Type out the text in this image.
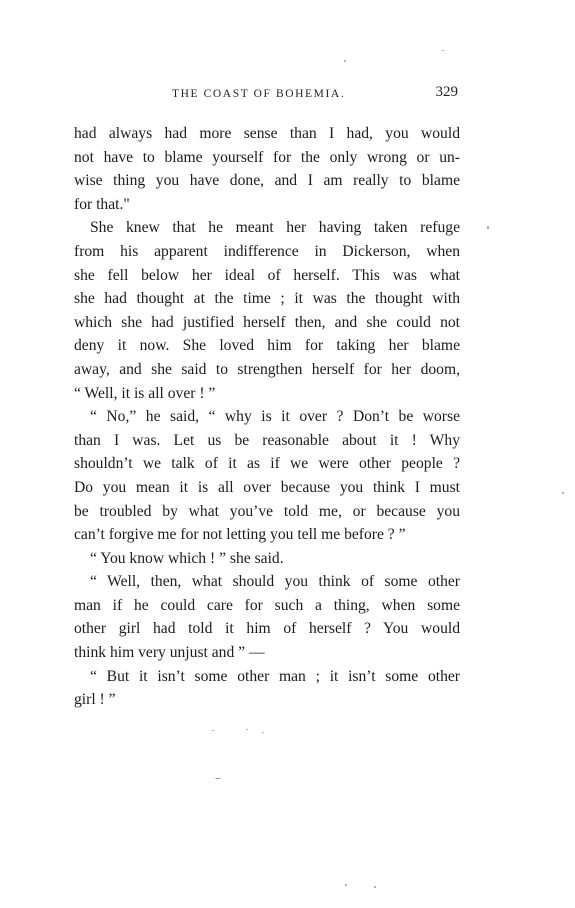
THE COAST OF BOHEMIA.	329
had always had more sense than I had, you would
not have to blame yourself for the only wrong or un-
wise thing you have done, and I am really to blame
for that."
She knew that he meant her having taken refuge
from his apparent indifference in Dickerson, when
she fell below her ideal of herself. This was what
she had thought at the time ; it was the thought with
which she had justified herself then, and she could not
deny it now. She loved him for taking her blame
away, and she said to strengthen herself for her doom,
“ Well, it is all over ! ”
“ No,” he said, “ why is it over ? Don’t be worse
than I was. Let us be reasonable about it ! Why
shouldn’t we talk of it as if we were other people ?
Do you mean it is all over because you think I must
be troubled by what you’ve told me, or because you
can’t forgive me for not letting you tell me before ? ”
“ You know which ! ” she said.
“ Well, then, what should you think of some other
man if he could care for such a thing, when some
other girl had told it him of herself ? You would
think him very unjust and ” —
“ But it isn’t some other man ; it isn’t some other
girl ! ”
